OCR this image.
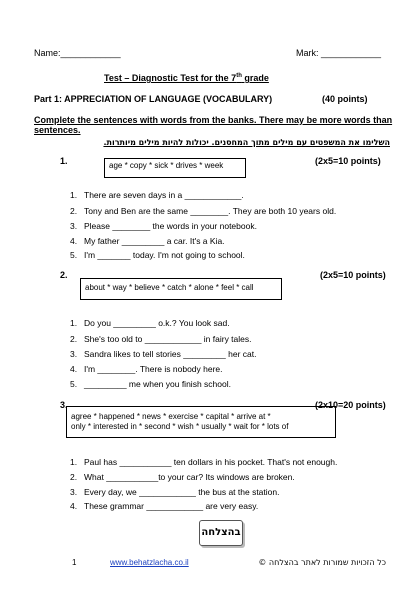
Name:____________	Mark: ____________
Test – Diagnostic Test for the 7th grade
Part 1: APPRECIATION OF LANGUAGE (VOCABULARY)	(40 points)
Complete the sentences with words from the banks. There may be more words than
sentences.
השלימו את המשפטים עם מילים מתוך המחסנים. יכולות להיות מילים מיותרות.
1.	age * copy * sick * drives * week	(2x5=10 points)
1. There are seven days in a ____________.
2. Tony and Ben are the same ________. They are both 10 years old.
3. Please ________ the words in your notebook.
4. My father _________ a car. It's a Kia.
5. I'm _______ today. I'm not going to school.
2.
about * way * believe * catch * alone * feel * call
(2x5=10 points)
1. Do you _________ o.k.? You look sad.
2. She's too old to ____________ in fairy tales.
3. Sandra likes to tell stories _________ her cat.
4. I'm ________. There is nobody here.
5. _________ me when you finish school.
3.
agree * happened * news * exercise * capital * arrive at *
only * interested in * second * wish * usually * wait for * lots of
(2x10=20 points)
1. Paul has ___________ ten dollars in his pocket. That's not enough.
2. What ___________to your car? Its windows are broken.
3. Every day, we ____________ the bus at the station.
4. These grammar ____________ are very easy.
בהצלחה
1	www.behatzlacha.co.il	כל הזכויות שמורות לאתר בהצלחה ©
